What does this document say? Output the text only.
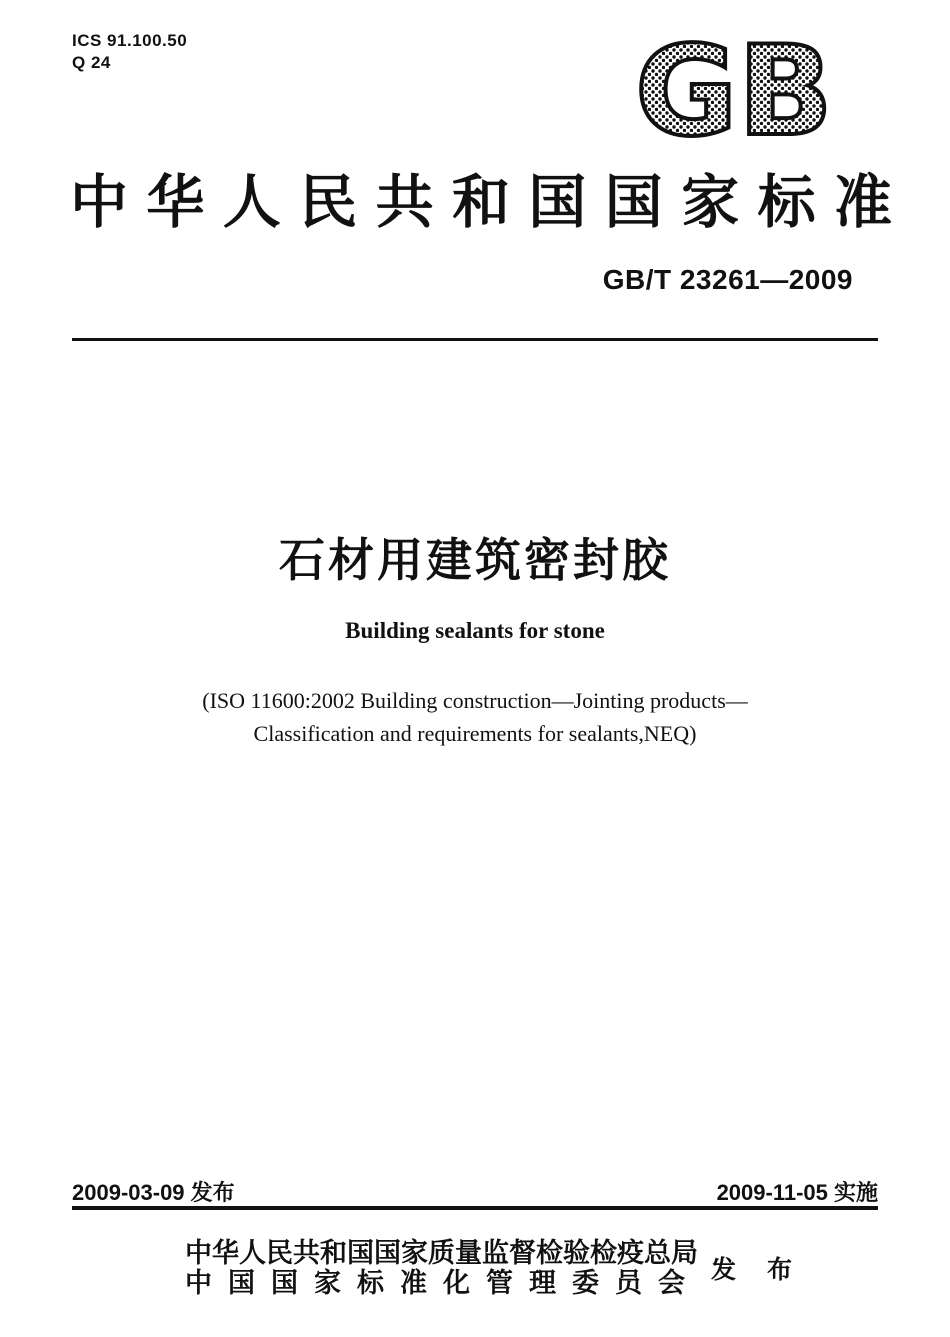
ICS 91.100.50
Q 24	GB
中华人民共和国国家标准
GB/T 23261—2009
石材用建筑密封胶
Building sealants for stone
(ISO 11600:2002 Building construction—Jointing products—
Classification and requirements for sealants,NEQ)
2009-03-09 发布	2009-11-05 实施
中华人民共和国国家质量监督检验检疫总局
中国国家标准化管理委员会 发 布
